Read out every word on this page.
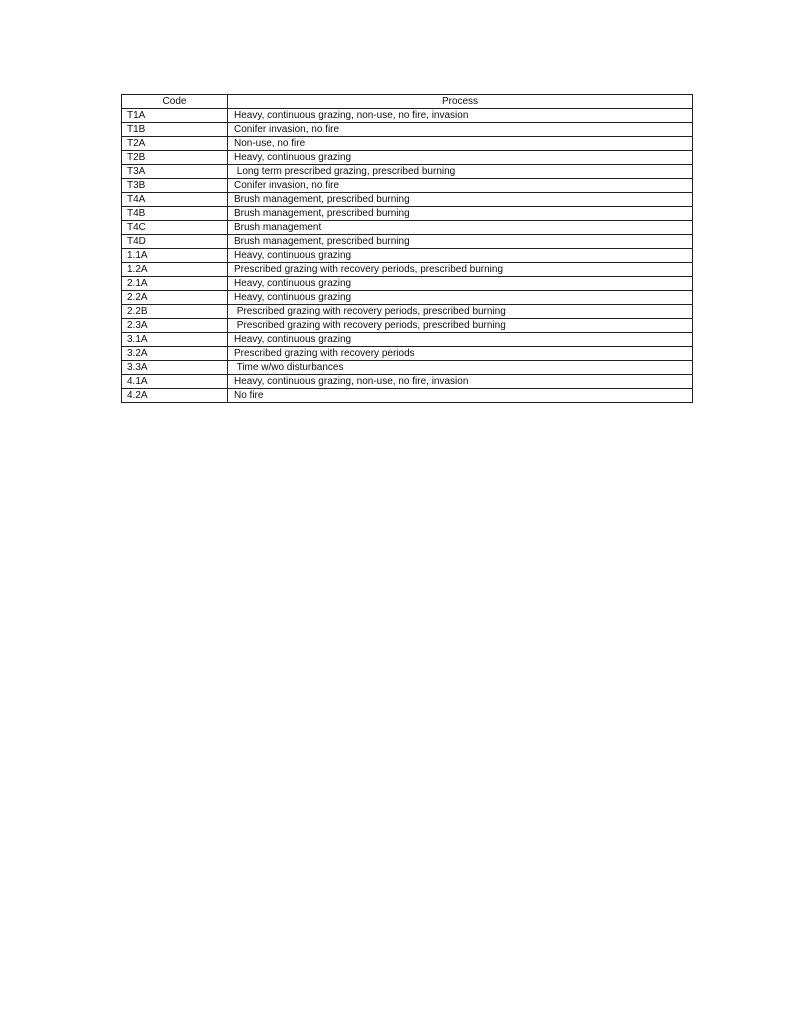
Code	Process
T1A	Heavy, continuous grazing, non-use, no fire, invasion
T1B	Conifer invasion, no fire
T2A	Non-use, no fire
T2B	Heavy, continuous grazing
T3A	Long term prescribed grazing, prescribed burning
T3B	Conifer invasion, no fire
T4A	Brush management, prescribed burning
T4B	Brush management, prescribed burning
T4C	Brush management
T4D	Brush management, prescribed burning
1.1A	Heavy, continuous grazing
1.2A	Prescribed grazing with recovery periods, prescribed burning
2.1A	Heavy, continuous grazing
2.2A	Heavy, continuous grazing
2.2B	Prescribed grazing with recovery periods, prescribed burning
2.3A	Prescribed grazing with recovery periods, prescribed burning
3.1A	Heavy, continuous grazing
3.2A	Prescribed grazing with recovery periods
3.3A	Time w/wo disturbances
4.1A	Heavy, continuous grazing, non-use, no fire, invasion
4.2A	No fire
